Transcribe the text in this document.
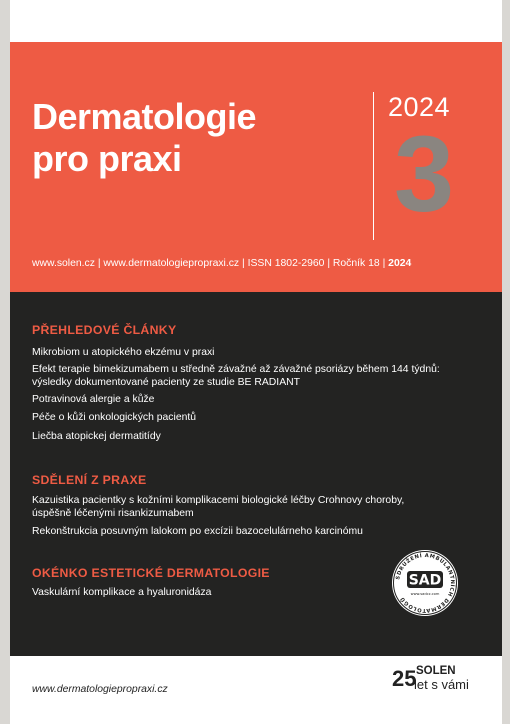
Dermatologie
pro praxi
2024
3
www.solen.cz | www.dermatologiepropraxi.cz | ISSN 1802-2960 | Ročník 18 | 2024
PŘEHLEDOVÉ ČLÁNKY
Mikrobiom u atopického ekzému v praxi
Efekt terapie bimekizumabem u středně závažné až závažné psoriázy během 144 týdnů:
výsledky dokumentované pacienty ze studie BE RADIANT
Potravinová alergie a kůže
Péče o kůži onkologických pacientů
Liečba atopickej dermatitídy
SDĚLENÍ Z PRAXE
Kazuistika pacientky s kožními komplikacemi biologické léčby Crohnovy choroby,
úspěšně léčenými risankizumabem
Rekonštrukcia posuvným lalokom po excízii bazocelulárneho karcinómu
OKÉNKO ESTETICKÉ DERMATOLOGIE
Vaskulární komplikace a hyaluronidáza
SDRUŽENÍ AMBULANTNÍCH DERMATOLOGŮ
SAD
www.sadcz.com
www.dermatologiepropraxi.cz	25 SOLEN
let s vámi
